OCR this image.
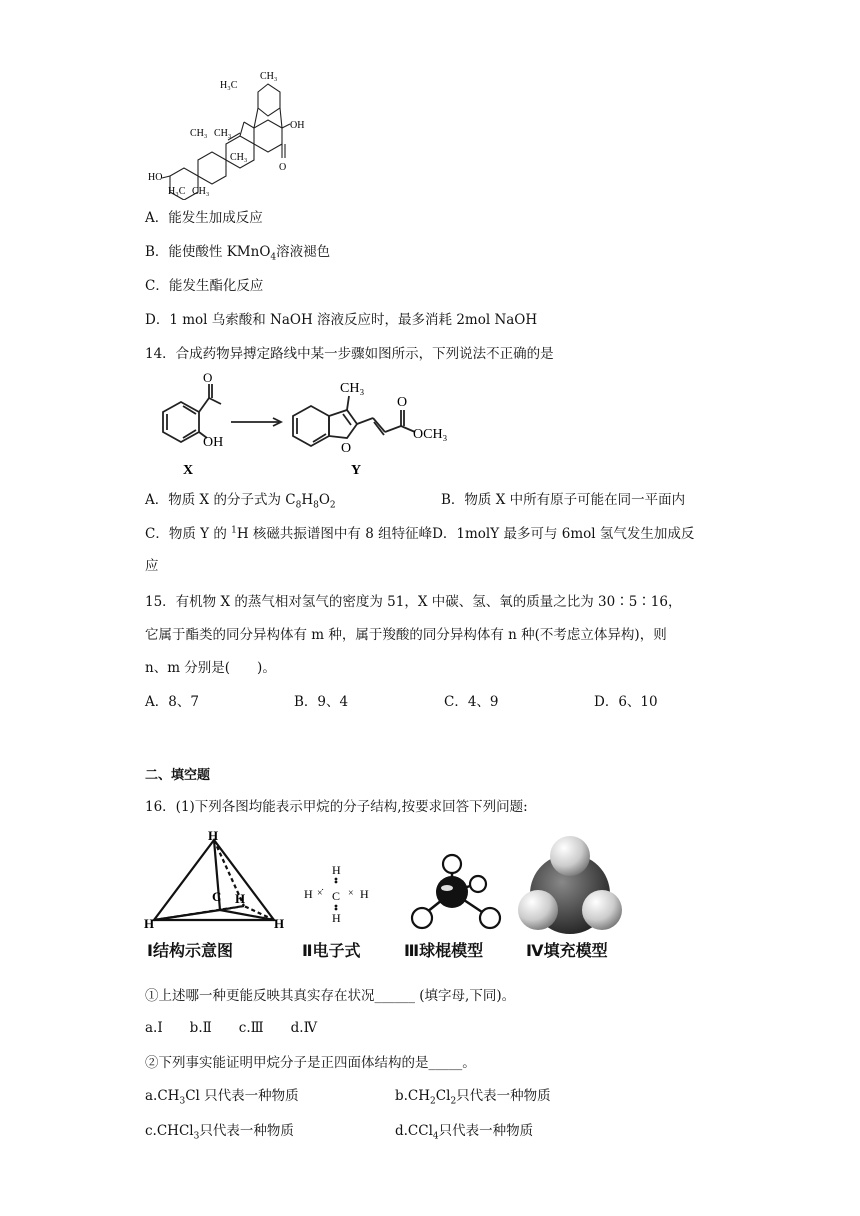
H₃C
CH₃
CH₃ CH₃
CH₃
OH
O
HO
H₃C CH₃
A．能发生加成反应
B．能使酸性 KMnO$_4$溶液褪色
C．能发生酯化反应
D．1 mol 乌索酸和 NaOH 溶液反应时，最多消耗 2mol NaOH
14．合成药物异搏定路线中某一步骤如图所示，下列说法不正确的是
O
OH
CH₃
O
O
OCH₃
X	Y
A．物质 X 的分子式为 $C_8H_8O_2$	B．物质 X 中所有原子可能在同一平面内
C．物质 Y 的 $^1$H 核磁共振谱图中有 8 组特征峰D．1molY 最多可与 6mol 氢气发生加成反
应
15．有机物 X 的蒸气相对氢气的密度为 51，X 中碳、氢、氧的质量之比为 30∶5∶16，
它属于酯类的同分异构体有 m 种，属于羧酸的同分异构体有 n 种(不考虑立体异构)，则
n、m 分别是(　　)。
A．8、7	B．9、4	C．4、9	D．6、10
二、填空题
16．(1)下列各图均能表示甲烷的分子结构,按要求回答下列问题:
H
C H
H	H
H
C
H	H
H
×̇	×
Ⅰ结构示意图	Ⅱ电子式	Ⅲ球棍模型	Ⅳ填充模型
①上述哪一种更能反映其真实存在状况______ (填字母,下同)。
a.Ⅰ　　b.Ⅱ　　c.Ⅲ　　d.Ⅳ
②下列事实能证明甲烷分子是正四面体结构的是_____。
$a.CH_3Cl$ 只代表一种物质	$b.CH_2Cl_2$只代表一种物质
c.CHCl$_3$只代表一种物质	d.CCl$_4$只代表一种物质
